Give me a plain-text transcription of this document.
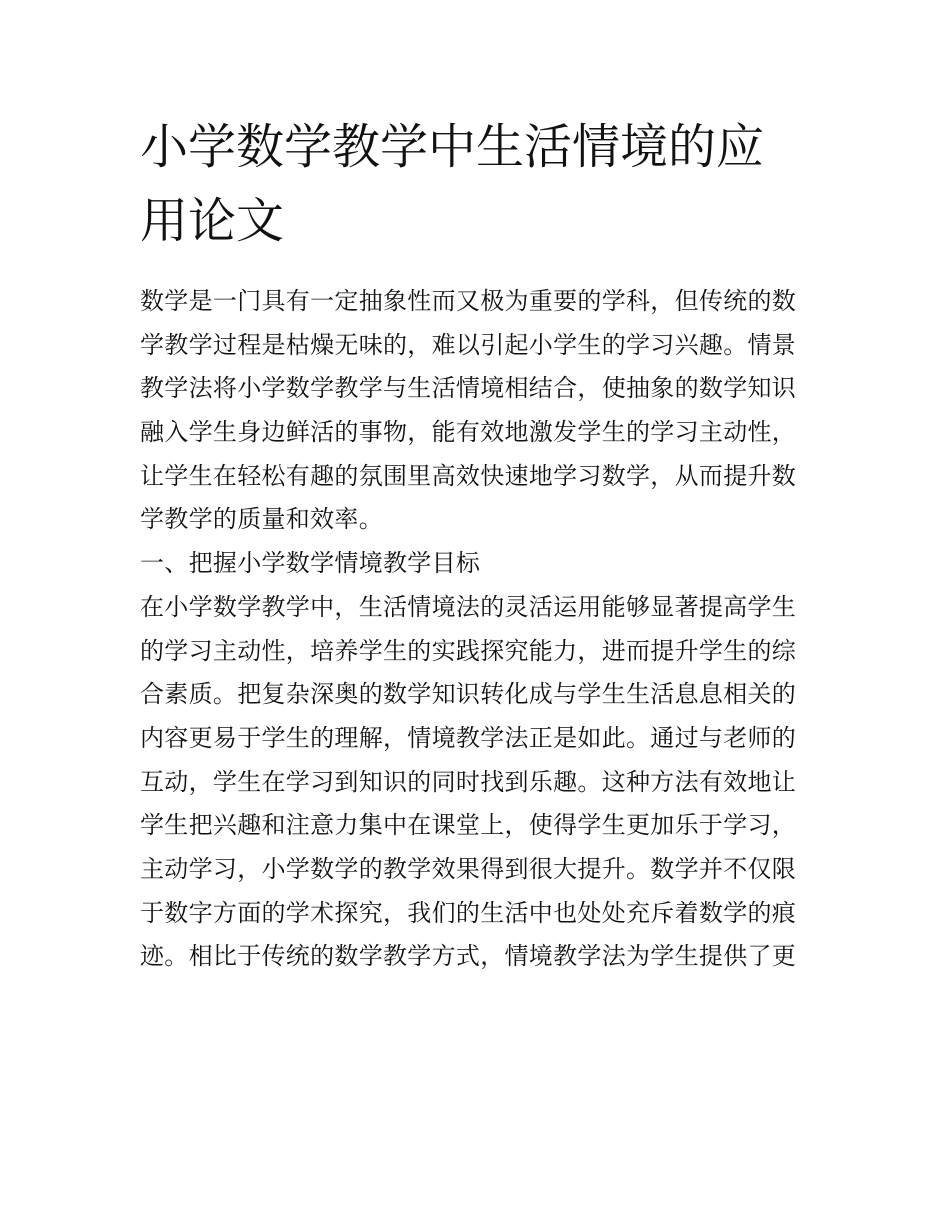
小学数学教学中生活情境的应
用论文
数学是一门具有一定抽象性而又极为重要的学科，但传统的数
学教学过程是枯燥无味的，难以引起小学生的学习兴趣。情景
教学法将小学数学教学与生活情境相结合，使抽象的数学知识
融入学生身边鲜活的事物，能有效地激发学生的学习主动性，
让学生在轻松有趣的氛围里高效快速地学习数学，从而提升数
学教学的质量和效率。
一、把握小学数学情境教学目标
在小学数学教学中，生活情境法的灵活运用能够显著提高学生
的学习主动性，培养学生的实践探究能力，进而提升学生的综
合素质。把复杂深奥的数学知识转化成与学生生活息息相关的
内容更易于学生的理解，情境教学法正是如此。通过与老师的
互动，学生在学习到知识的同时找到乐趣。这种方法有效地让
学生把兴趣和注意力集中在课堂上，使得学生更加乐于学习，
主动学习，小学数学的教学效果得到很大提升。数学并不仅限
于数字方面的学术探究，我们的生活中也处处充斥着数学的痕
迹。相比于传统的数学教学方式，情境教学法为学生提供了更
